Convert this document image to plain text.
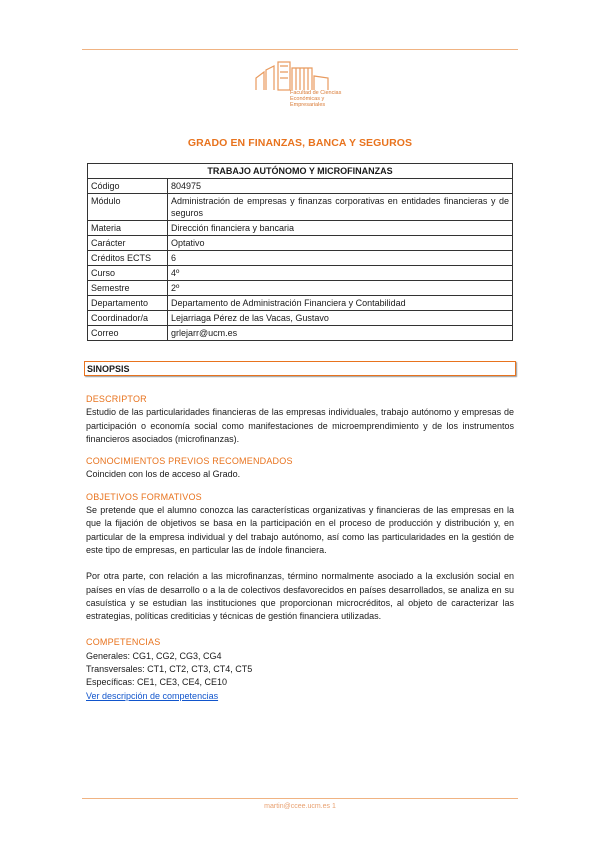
Facultad de Ciencias Económicas y Empresariales
GRADO EN FINANZAS, BANCA Y SEGUROS
TRABAJO AUTÓNOMO Y MICROFINANZAS	
Código	804975
Módulo	Administración de empresas y finanzas corporativas en entidades financieras y de seguros
Materia	Dirección financiera y bancaria
Carácter	Optativo
Créditos ECTS	6
Curso	4º
Semestre	2º
Departamento	Departamento de Administración Financiera y Contabilidad
Coordinador/a	Lejarriaga Pérez de las Vacas, Gustavo
Correo	grlejarr@ucm.es
SINOPSIS
DESCRIPTOR

Estudio de las particularidades financieras de las empresas individuales, trabajo autónomo y empresas de participación o economía social como manifestaciones de microemprendimiento y de los instrumentos financieros asociados (microfinanzas).

CONOCIMIENTOS PREVIOS RECOMENDADOS

Coinciden con los de acceso al Grado.

OBJETIVOS FORMATIVOS

Se pretende que el alumno conozca las características organizativas y financieras de las empresas en la que la fijación de objetivos se basa en la participación en el proceso de producción y distribución y, en particular de la empresa individual y del trabajo autónomo, así como las particularidades en la gestión de este tipo de empresas, en particular las de índole financiera.

Por otra parte, con relación a las microfinanzas, término normalmente asociado a la exclusión social en países en vías de desarrollo o a la de colectivos desfavorecidos en países desarrollados, se analiza en su casuística y se estudian las instituciones que proporcionan microcréditos, al objeto de caracterizar las estrategias, políticas crediticias y técnicas de gestión financiera utilizadas.

COMPETENCIAS
Generales: CG1, CG2, CG3, CG4
Transversales: CT1, CT2, CT3, CT4, CT5
Específicas: CE1, CE3, CE4, CE10
Ver descripción de competencias
martin@ccee.ucm.es 1
